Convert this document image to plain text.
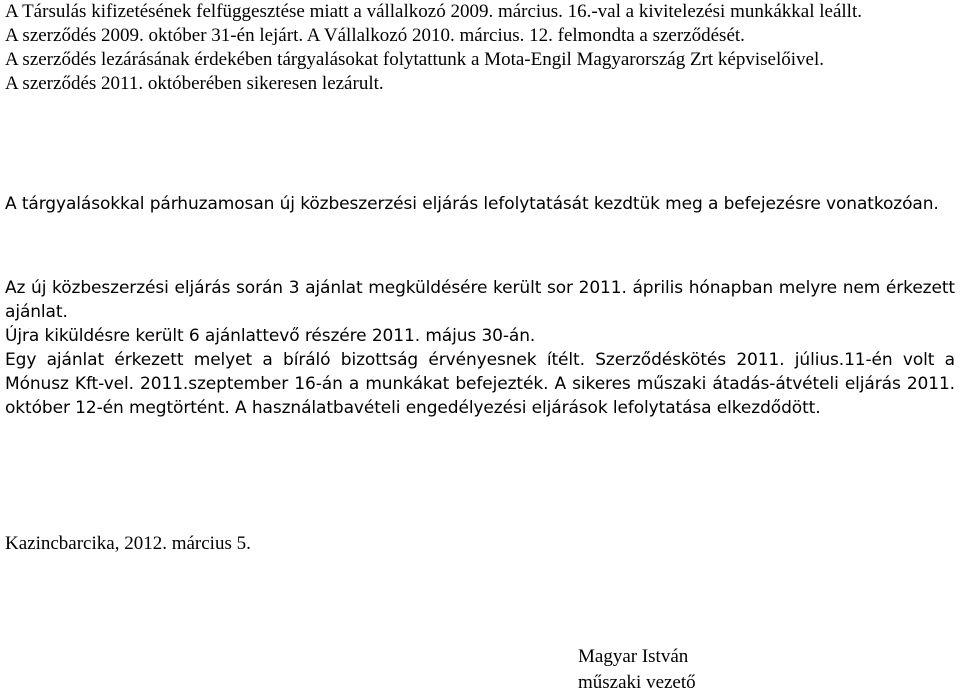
A Társulás kifizetésének felfüggesztése miatt a vállalkozó 2009. március. 16.-val a kivitelezési munkákkal leállt.

A szerződés 2009. október 31-én lejárt. A Vállalkozó 2010. március. 12. felmondta a szerződését.

A szerződés lezárásának érdekében tárgyalásokat folytattunk a Mota-Engil Magyarország Zrt képviselőivel.

A szerződés 2011. októberében sikeresen lezárult.

A tárgyalásokkal párhuzamosan új közbeszerzési eljárás lefolytatását kezdtük meg a befejezésre vonatkozóan.

Az új közbeszerzési eljárás során 3 ajánlat megküldésére került sor 2011. április hónapban melyre nem érkezett ajánlat.

Újra kiküldésre került 6 ajánlattevő részére 2011. május 30-án.

Egy ajánlat érkezett melyet a bíráló bizottság érvényesnek ítélt. Szerződéskötés 2011. július.11-én volt a Mónusz Kft-vel. 2011.szeptember 16-án a munkákat befejezték. A sikeres műszaki átadás-átvételi eljárás 2011. október 12-én megtörtént. A használatbavételi engedélyezési eljárások lefolytatása elkezdődött.

Kazincbarcika, 2012. március 5.
Magyar István
műszaki vezető
